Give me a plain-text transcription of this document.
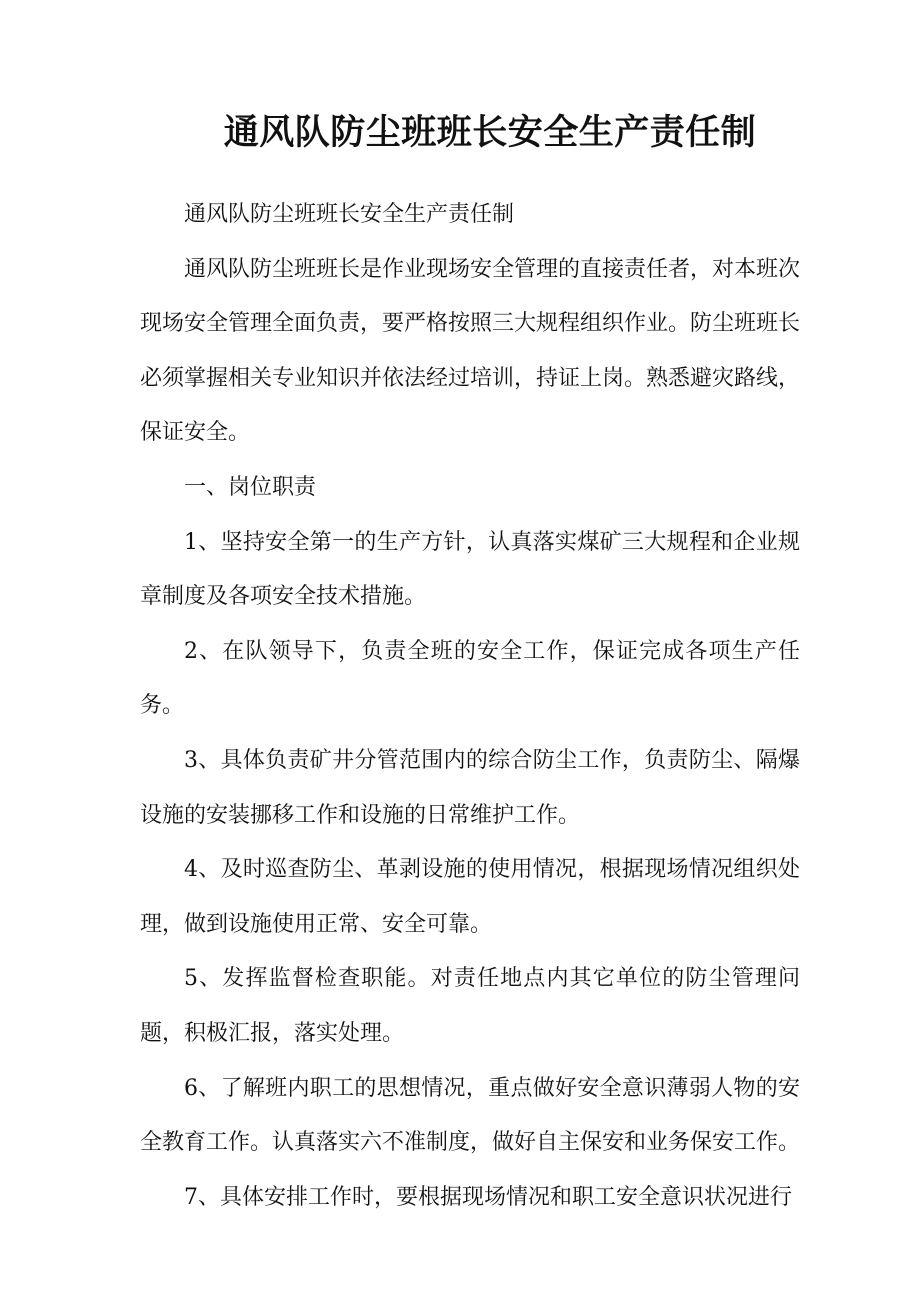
通风队防尘班班长安全生产责任制

通风队防尘班班长安全生产责任制

通风队防尘班班长是作业现场安全管理的直接责任者，对本班次现场安全管理全面负责，要严格按照三大规程组织作业。防尘班班长必须掌握相关专业知识并依法经过培训，持证上岗。熟悉避灾路线，保证安全。

一、岗位职责

1、坚持安全第一的生产方针，认真落实煤矿三大规程和企业规章制度及各项安全技术措施。

2、在队领导下，负责全班的安全工作，保证完成各项生产任务。

3、具体负责矿井分管范围内的综合防尘工作，负责防尘、隔爆设施的安装挪移工作和设施的日常维护工作。

4、及时巡查防尘、革剥设施的使用情况，根据现场情况组织处理，做到设施使用正常、安全可靠。

5、发挥监督检查职能。对责任地点内其它单位的防尘管理问题，积极汇报，落实处理。

6、了解班内职工的思想情况，重点做好安全意识薄弱人物的安全教育工作。认真落实六不准制度，做好自主保安和业务保安工作。

7、具体安排工作时，要根据现场情况和职工安全意识状况进行
